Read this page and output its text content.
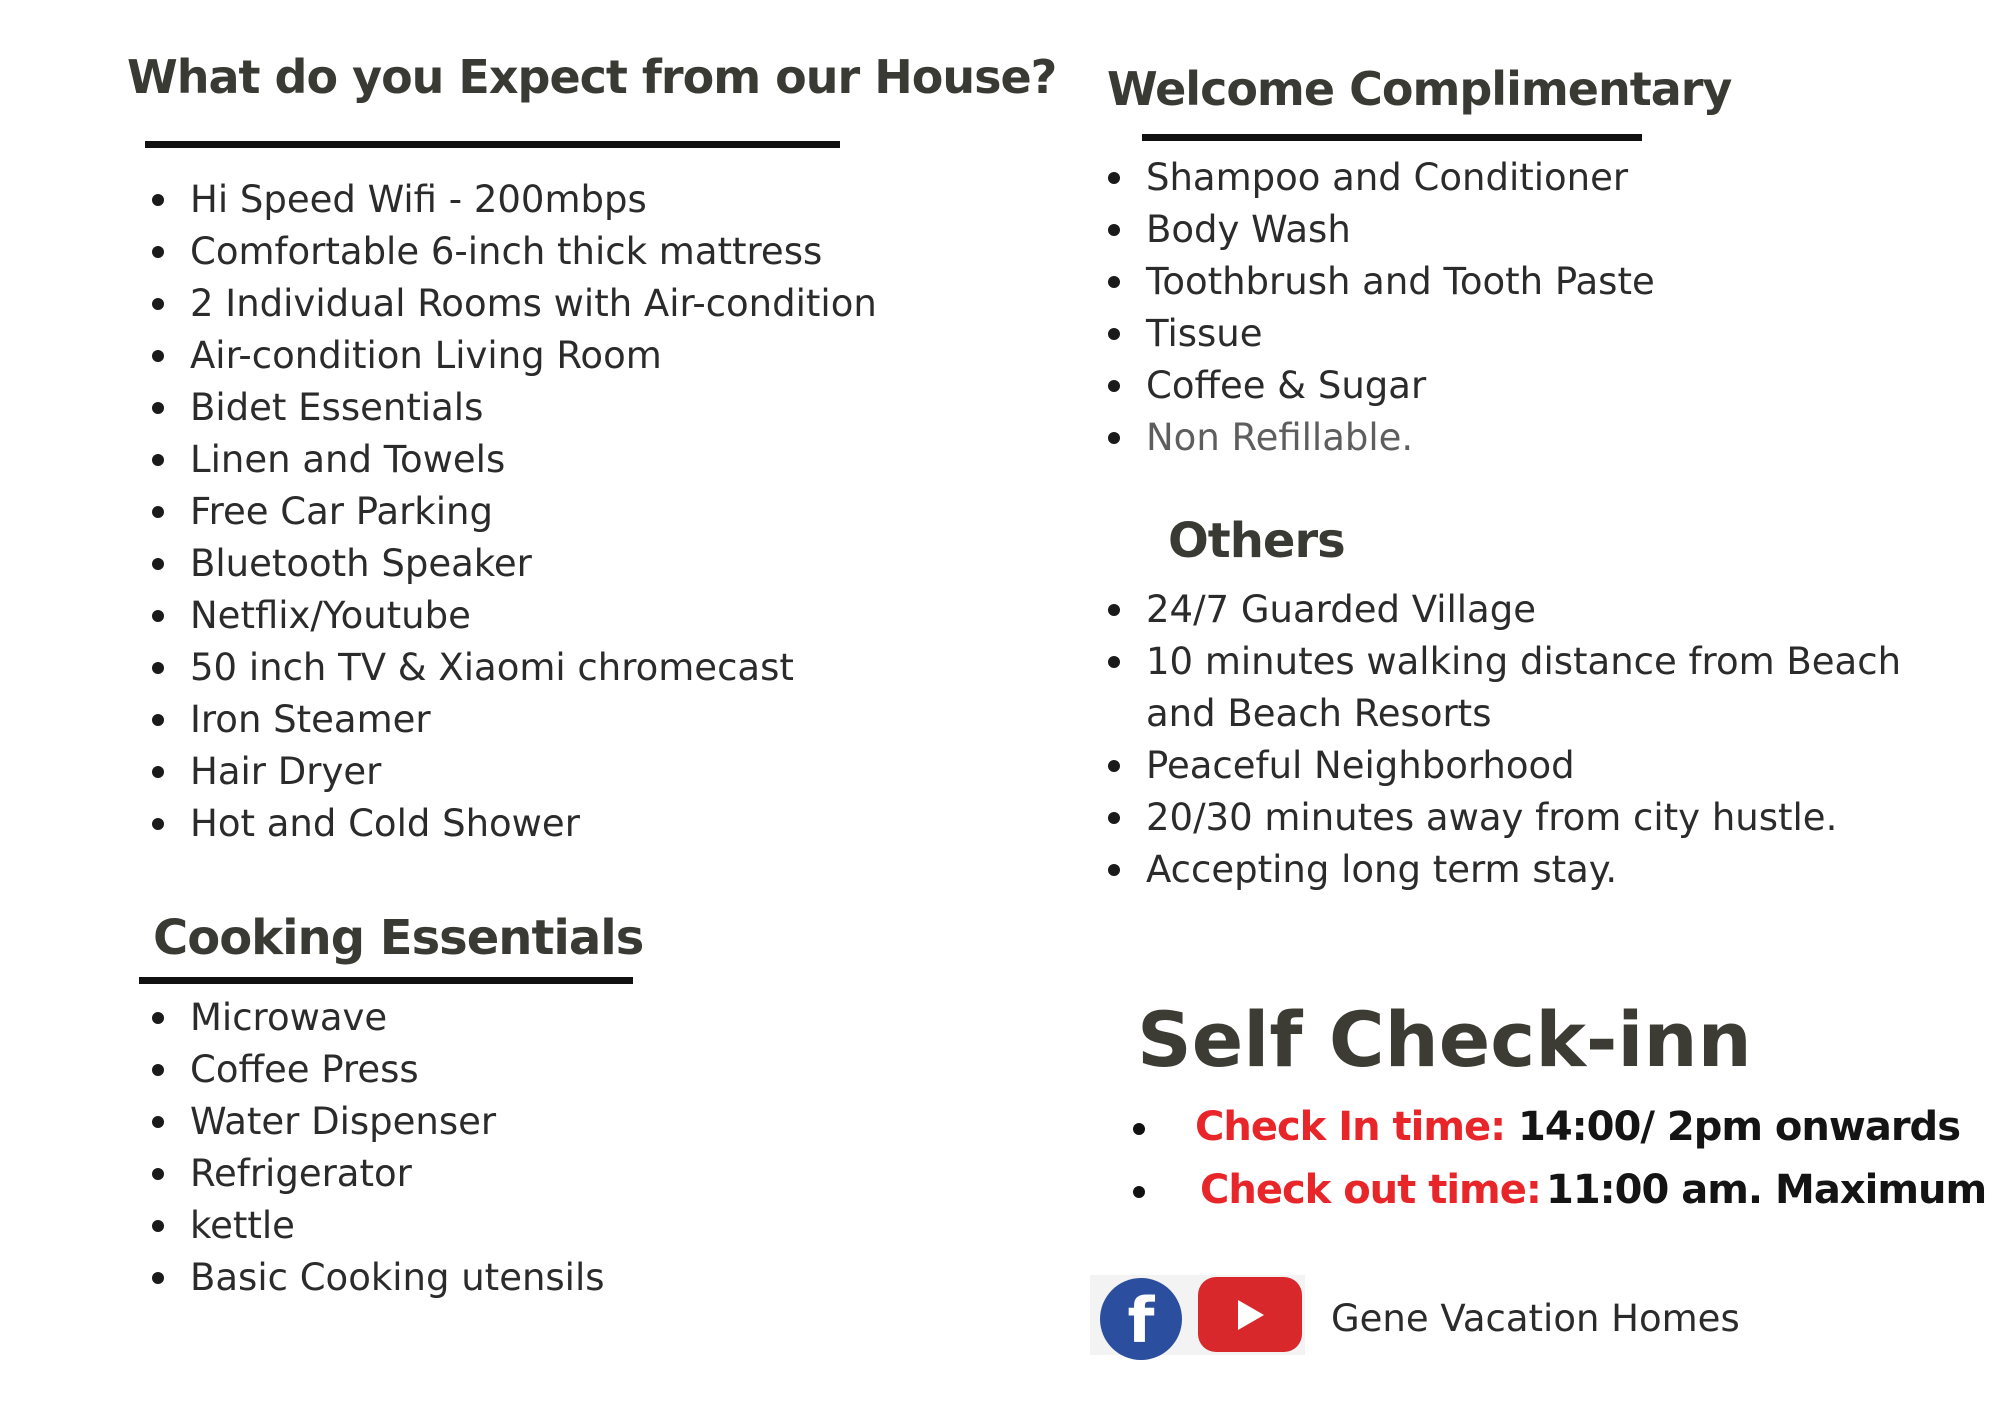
What do you Expect from our House?
Hi Speed Wifi - 200mbps
Comfortable 6-inch thick mattress
2 Individual Rooms with Air-condition
Air-condition Living Room
Bidet Essentials
Linen and Towels
Free Car Parking
Bluetooth Speaker
Netflix/Youtube
50 inch TV & Xiaomi chromecast
Iron Steamer
Hair Dryer
Hot and Cold Shower
Cooking Essentials
Microwave
Coffee Press
Water Dispenser
Refrigerator
kettle
Basic Cooking utensils
Welcome Complimentary
Shampoo and Conditioner
Body Wash
Toothbrush and Tooth Paste
Tissue
Coffee & Sugar
Non Refillable.
Others
24/7 Guarded Village
10 minutes walking distance from Beach and Beach Resorts
Peaceful Neighborhood
20/30 minutes away from city hustle.
Accepting long term stay.
Self Check-inn
Check In time: 14:00/ 2pm onwards
Check out time: 11:00 am. Maximum
f	Gene Vacation Homes
